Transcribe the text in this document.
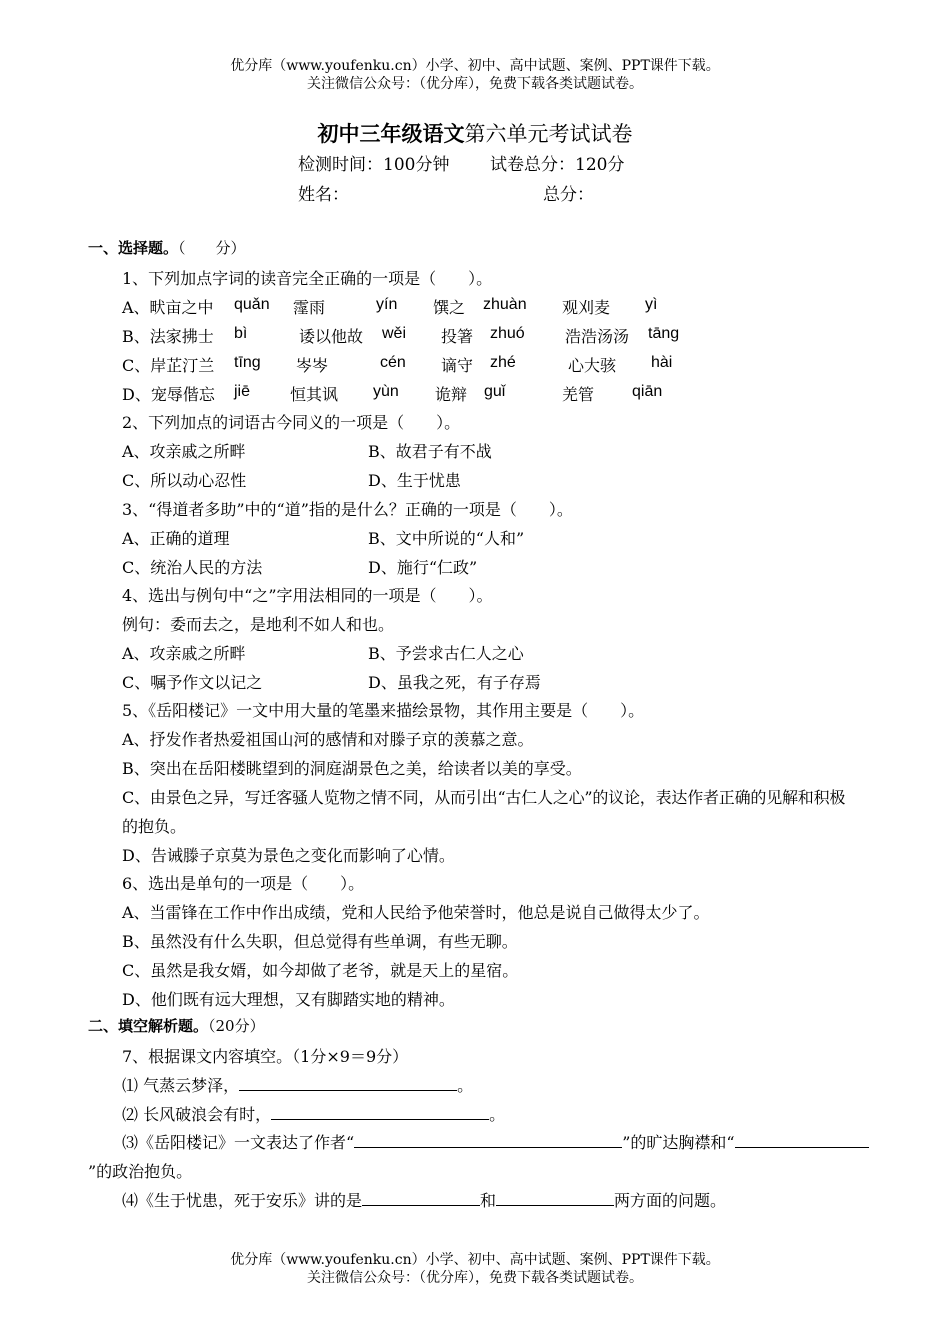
优分库（www.youfenku.cn）小学、初中、高中试题、案例、PPT课件下载。
关注微信公众号：（优分库），免费下载各类试题试卷。
初中三年级语文第六单元考试试卷
检测时间：100分钟 试卷总分：120分
姓名：	总分：
一、选择题。（　　分）
1、下列加点字词的读音完全正确的一项是（　　）。
A、畎亩之中 quǎn 霪雨	yín 馔之 zhuàn 观刈麦 yì
B、法家拂士 bì	诿以他故 wěi 投箸 zhuó	浩浩汤汤 tāng
C、岸芷汀兰 tīng 岑岑	cén 谪守 zhé	心大骇 hài
D、宠辱偕忘 jiē 恒其讽 yùn 诡辩 guǐ	羌管 qiān
2、下列加点的词语古今同义的一项是（　　）。
A、攻亲戚之所畔	B、故君子有不战
C、所以动心忍性	D、生于忧患
3、“得道者多助”中的“道”指的是什么？正确的一项是（　　）。
A、正确的道理	B、文中所说的“人和”
C、统治人民的方法	D、施行“仁政”
4、选出与例句中“之”字用法相同的一项是（　　）。
例句：委而去之，是地利不如人和也。
A、攻亲戚之所畔	B、予尝求古仁人之心
C、嘱予作文以记之	D、虽我之死，有子存焉
5、《岳阳楼记》一文中用大量的笔墨来描绘景物，其作用主要是（　　）。
A、抒发作者热爱祖国山河的感情和对滕子京的羡慕之意。
B、突出在岳阳楼眺望到的洞庭湖景色之美，给读者以美的享受。
C、由景色之异，写迁客骚人览物之情不同，从而引出“古仁人之心”的议论，表达作者正确的见解和积极
的抱负。
D、告诫滕子京莫为景色之变化而影响了心情。
6、选出是单句的一项是（　　）。
A、当雷锋在工作中作出成绩，党和人民给予他荣誉时，他总是说自己做得太少了。
B、虽然没有什么失职，但总觉得有些单调，有些无聊。
C、虽然是我女婿，如今却做了老爷，就是天上的星宿。
D、他们既有远大理想，又有脚踏实地的精神。
二、填空解析题。（20分）
7、根据课文内容填空。（1分×9＝9分）
⑴ 气蒸云梦泽，	。
⑵ 长风破浪会有时，	。
⑶《岳阳楼记》一文表达了作者“	”的旷达胸襟和“
”的政治抱负。
⑷《生于忧患，死于安乐》讲的是	和	两方面的问题。
优分库（www.youfenku.cn）小学、初中、高中试题、案例、PPT课件下载。
关注微信公众号：（优分库），免费下载各类试题试卷。
